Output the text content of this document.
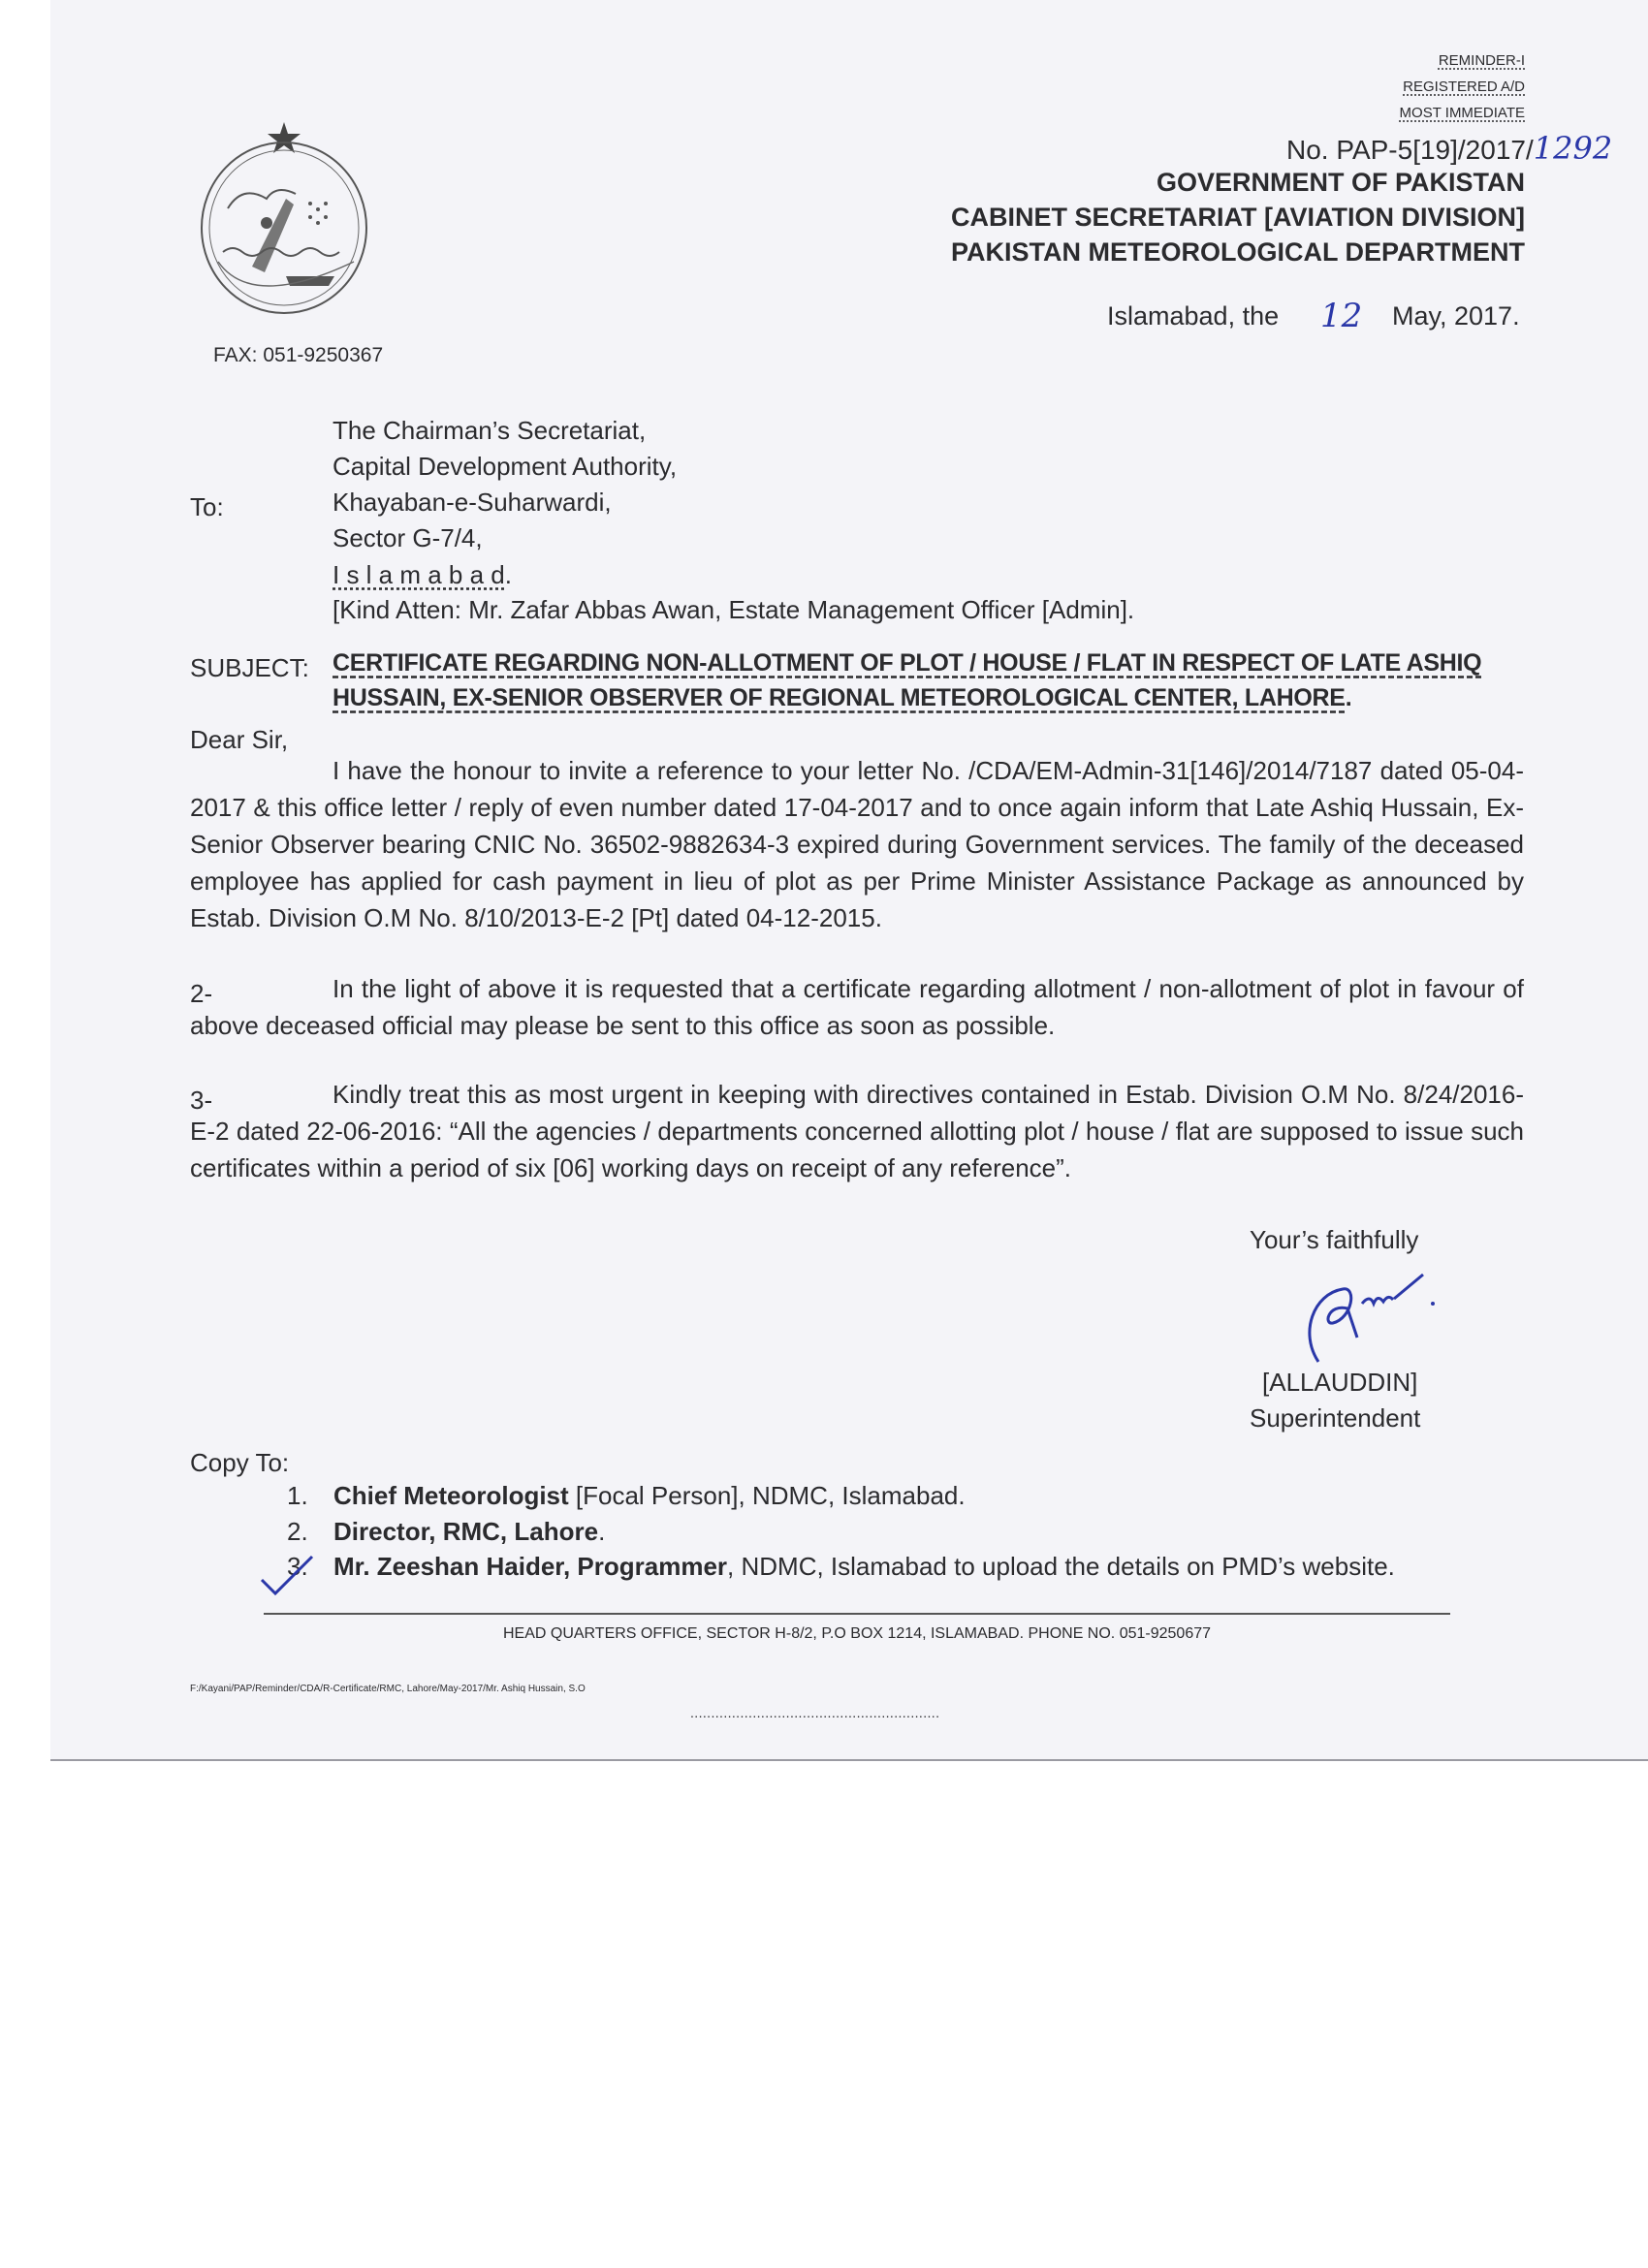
REMINDER-I
REGISTERED A/D
MOST IMMEDIATE
No. PAP-5[19]/2017/1292
GOVERNMENT OF PAKISTAN
CABINET SECRETARIAT [AVIATION DIVISION]
PAKISTAN METEOROLOGICAL DEPARTMENT
Islamabad, the 12 May, 2017.
FAX: 051-9250367
To:
The Chairman’s Secretariat,
Capital Development Authority,
Khayaban-e-Suharwardi,
Sector G-7/4,
I s l a m a b a d.
[Kind Atten: Mr. Zafar Abbas Awan, Estate Management Officer [Admin].
SUBJECT: CERTIFICATE REGARDING NON-ALLOTMENT OF PLOT / HOUSE / FLAT IN RESPECT OF LATE ASHIQ
HUSSAIN, EX-SENIOR OBSERVER OF REGIONAL METEOROLOGICAL CENTER, LAHORE.
Dear Sir,
I have the honour to invite a reference to your letter No. /CDA/EM-Admin-31[146]/2014/7187 dated 05-04-2017 & this office letter / reply of even number dated 17-04-2017 and to once again inform that Late Ashiq Hussain, Ex-Senior Observer bearing CNIC No. 36502-9882634-3 expired during Government services. The family of the deceased employee has applied for cash payment in lieu of plot as per Prime Minister Assistance Package as announced by Estab. Division O.M No. 8/10/2013-E-2 [Pt] dated 04-12-2015.
2-	In the light of above it is requested that a certificate regarding allotment / non-allotment of plot in favour of above deceased official may please be sent to this office as soon as possible.
3-	Kindly treat this as most urgent in keeping with directives contained in Estab. Division O.M No. 8/24/2016-E-2 dated 22-06-2016: “All the agencies / departments concerned allotting plot / house / flat are supposed to issue such certificates within a period of six [06] working days on receipt of any reference”.
Your’s faithfully
[ALLAUDDIN]
Superintendent
Copy To:
1. Chief Meteorologist [Focal Person], NDMC, Islamabad.
2. Director, RMC, Lahore.
3. Mr. Zeeshan Haider, Programmer, NDMC, Islamabad to upload the details on PMD’s website.
HEAD QUARTERS OFFICE, SECTOR H-8/2, P.O BOX 1214, ISLAMABAD. PHONE NO. 051-9250677
F:/Kayani/PAP/Reminder/CDA/R-Certificate/RMC, Lahore/May-2017/Mr. Ashiq Hussain, S.O
............................................................
